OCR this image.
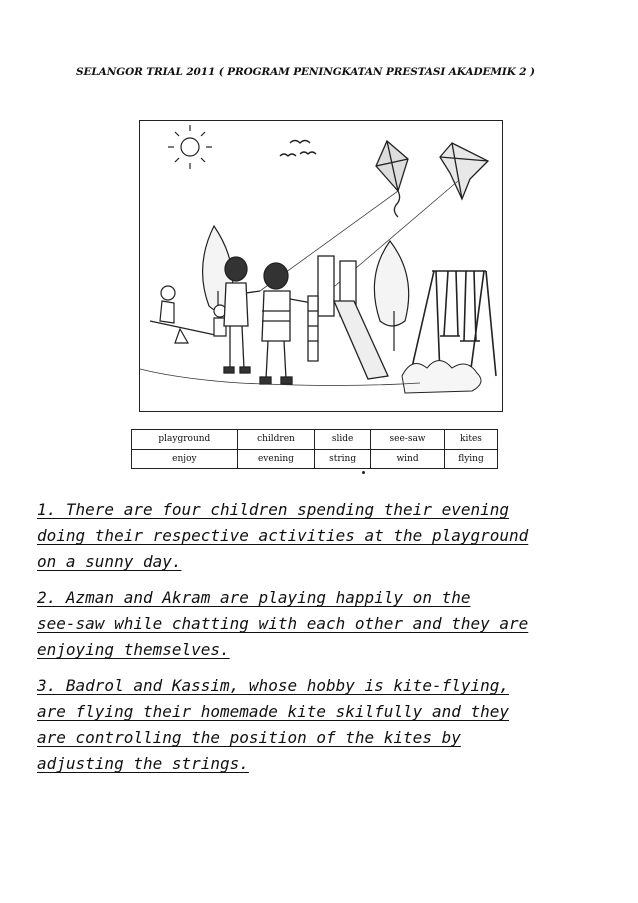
SELANGOR TRIAL 2011 ( PROGRAM PENINGKATAN PRESTASI AKADEMIK 2 )
playground	children	slide	see-saw	kites
enjoy	evening	string	wind	flying
1. There are four children spending their evening
doing their respective activities at the playground
on a sunny day.
2. Azman and Akram are playing happily on the
see-saw while chatting with each other and they are
enjoying themselves.
3. Badrol and Kassim, whose hobby is kite-flying,
are flying their homemade kite skilfully and they
are controlling the position of the kites by
adjusting the strings.
